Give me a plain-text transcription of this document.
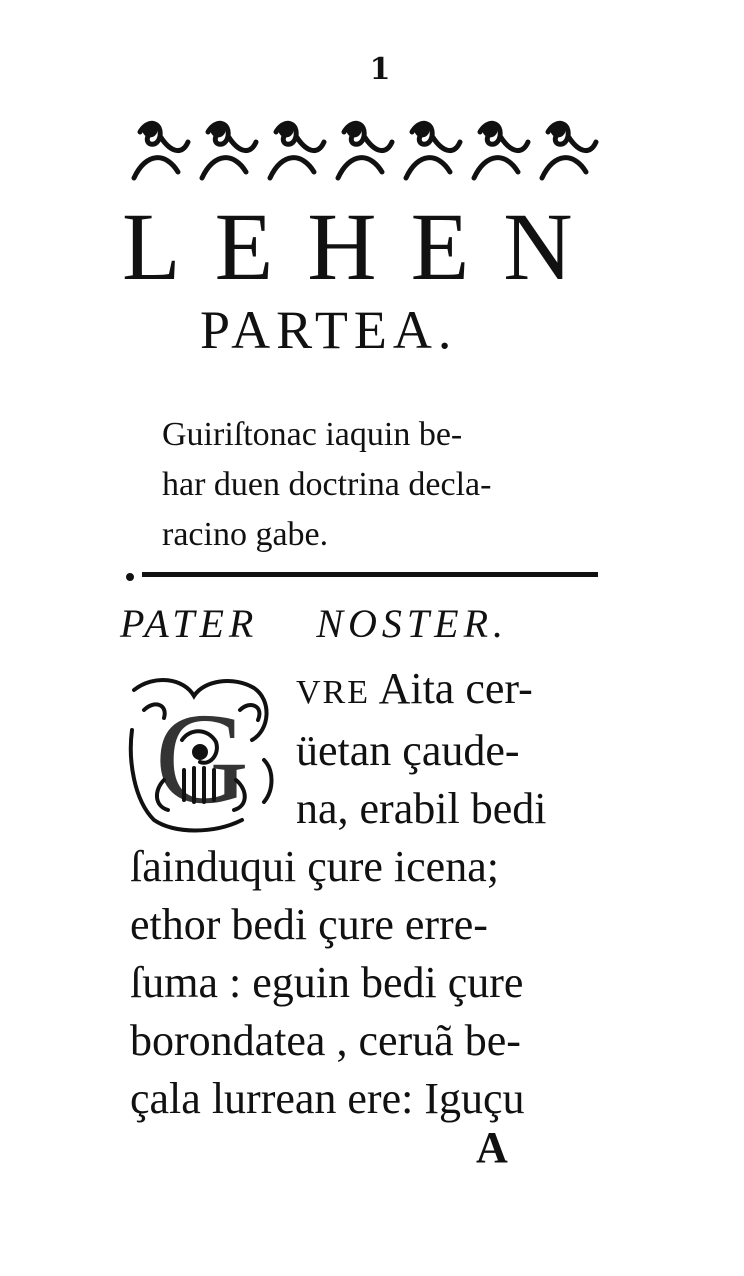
1
LEHEN
PARTEA.
Guiriſtonac iaquin be-
har duen doctrina decla-
racino gabe.
PATER NOSTER.
G	VRE Aita cer-
üetan çaude-
na, erabil bedi
ſainduqui çure icena;
ethor bedi çure erre-
ſuma : eguin bedi çure
borondatea , ceruã be-
çala lurrean ere: Iguçu
A
